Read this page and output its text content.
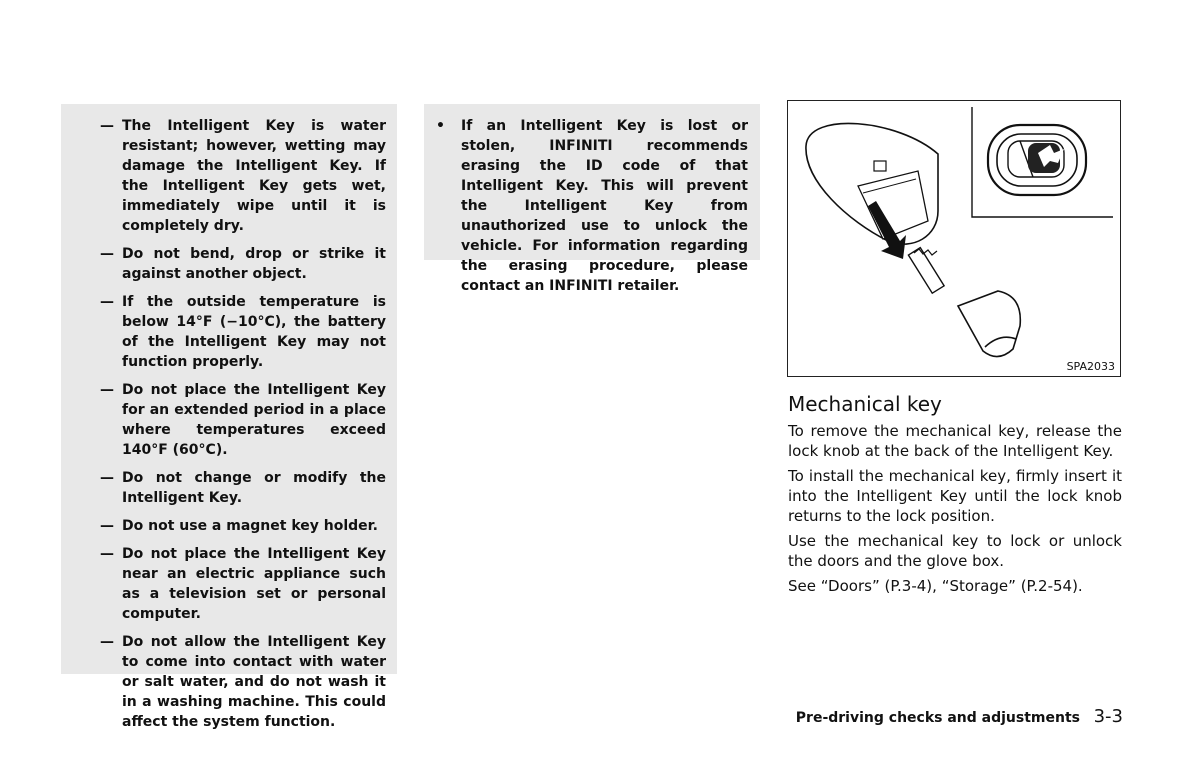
— The Intelligent Key is water resistant; however, wetting may damage the Intelligent Key. If the Intelligent Key gets wet, immediately wipe until it is completely dry.
— Do not bend, drop or strike it against another object.
— If the outside temperature is below 14°F (−10°C), the battery of the Intelligent Key may not function properly.
— Do not place the Intelligent Key for an extended period in a place where temperatures exceed 140°F (60°C).
— Do not change or modify the Intelligent Key.
— Do not use a magnet key holder.
— Do not place the Intelligent Key near an electric appliance such as a television set or personal computer.
— Do not allow the Intelligent Key to come into contact with water or salt water, and do not wash it in a washing machine. This could affect the system function.
•	If an Intelligent Key is lost or stolen, INFINITI recommends erasing the ID code of that Intelligent Key. This will prevent the Intelligent Key from unauthorized use to unlock the vehicle. For information regarding the erasing procedure, please contact an INFINITI retailer.
SPA2033
Mechanical key

To remove the mechanical key, release the lock knob at the back of the Intelligent Key.

To install the mechanical key, firmly insert it into the Intelligent Key until the lock knob returns to the lock position.

Use the mechanical key to lock or unlock the doors and the glove box.

See “Doors” (P.3-4), “Storage” (P.2-54).

Pre-driving checks and adjustments 3-3
